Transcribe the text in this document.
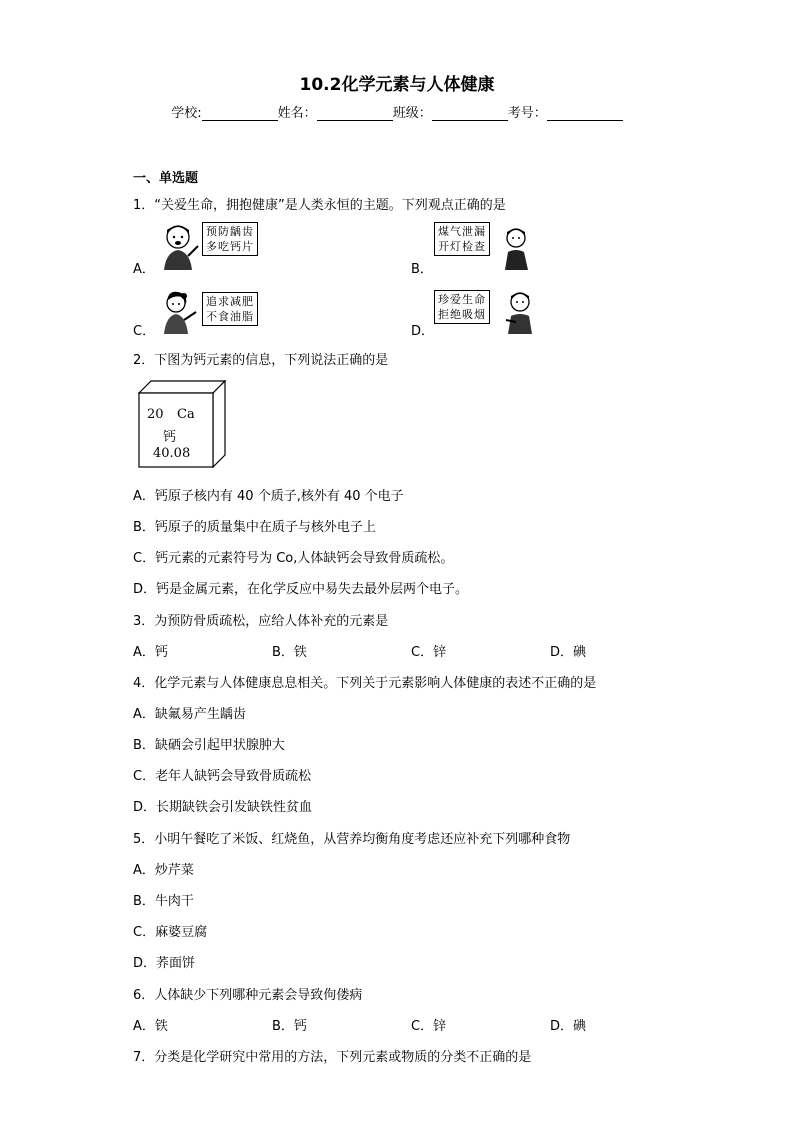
10.2化学元素与人体健康
学校:	姓名：	班级：	考号：
一、单选题
1．“关爱生命，拥抱健康”是人类永恒的主题。下列观点正确的是
A．
预防龋齿
多吃钙片
B．
煤气泄漏
开灯检查
C．
追求减肥
不食油脂
D．
珍爱生命
拒绝吸烟
2．下图为钙元素的信息，下列说法正确的是
20 Ca
钙
40.08
A．钙原子核内有 40 个质子,核外有 40 个电子
B．钙原子的质量集中在质子与核外电子上
C．钙元素的元素符号为 Co,人体缺钙会导致骨质疏松。
D．钙是金属元素，在化学反应中易失去最外层两个电子。
3．为预防骨质疏松，应给人体补充的元素是
A．钙	B．铁	C．锌	D．碘
4．化学元素与人体健康息息相关。下列关于元素影响人体健康的表述不正确的是
A．缺氟易产生龋齿
B．缺硒会引起甲状腺肿大
C．老年人缺钙会导致骨质疏松
D．长期缺铁会引发缺铁性贫血
5．小明午餐吃了米饭、红烧鱼，从营养均衡角度考虑还应补充下列哪种食物
A．炒芹菜
B．牛肉干
C．麻婆豆腐
D．荞面饼
6．人体缺少下列哪种元素会导致佝偻病
A．铁	B．钙	C．锌	D．碘
7．分类是化学研究中常用的方法，下列元素或物质的分类不正确的是
